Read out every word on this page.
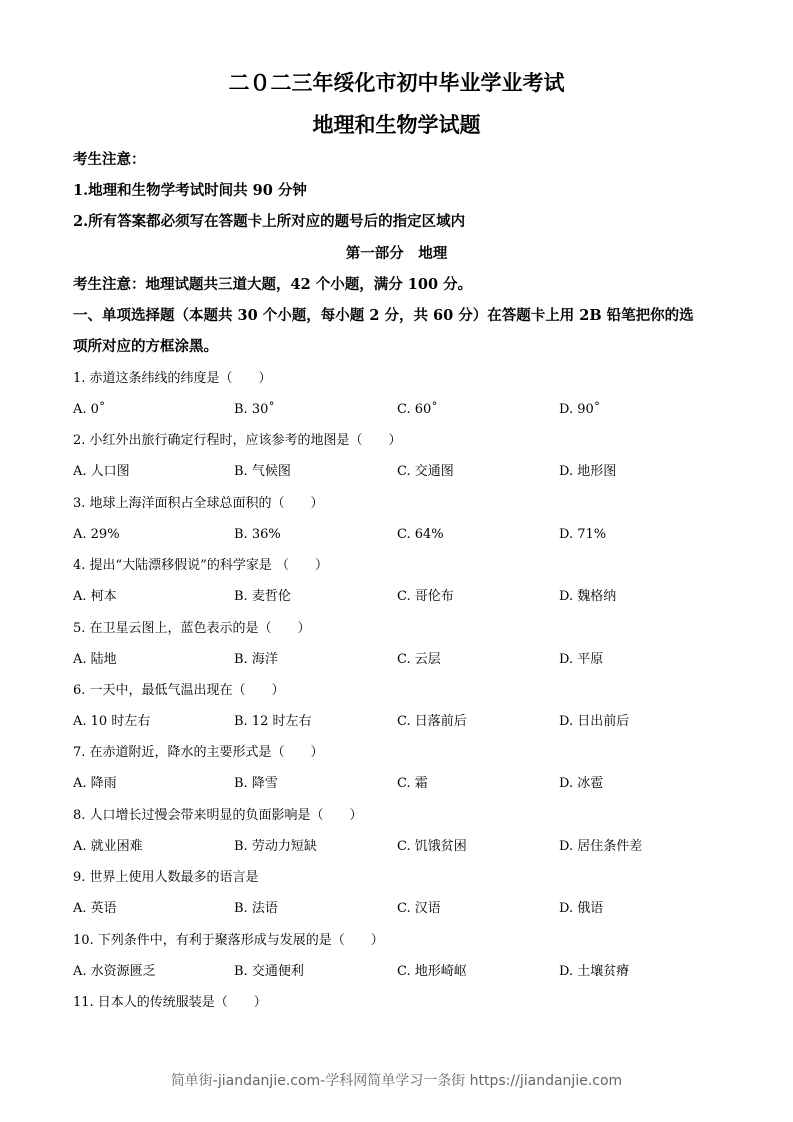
二０二三年绥化市初中毕业学业考试
地理和生物学试题
考生注意：
1.地理和生物学考试时间共 90 分钟
2.所有答案都必须写在答题卡上所对应的题号后的指定区域内
第一部分　地理
考生注意：地理试题共三道大题，42 个小题，满分 100 分。
一、单项选择题（本题共 30 个小题，每小题 2 分，共 60 分）在答题卡上用 2B 铅笔把你的选
项所对应的方框涂黑。
1. 赤道这条纬线的纬度是（　　）
A. 0˚	B. 30˚	C. 60˚	D. 90˚
2. 小红外出旅行确定行程时，应该参考的地图是（　　）
A. 人口图	B. 气候图	C. 交通图	D. 地形图
3. 地球上海洋面积占全球总面积的（　　）
A. 29%	B. 36%	C. 64%	D. 71%
4. 提出“大陆漂移假说”的科学家是 （　　）
A. 柯本	B. 麦哲伦	C. 哥伦布	D. 魏格纳
5. 在卫星云图上，蓝色表示的是（　　）
A. 陆地	B. 海洋	C. 云层	D. 平原
6. 一天中，最低气温出现在（　　）
A. 10 时左右	B. 12 时左右	C. 日落前后	D. 日出前后
7. 在赤道附近，降水的主要形式是（　　）
A. 降雨	B. 降雪	C. 霜	D. 冰雹
8. 人口增长过慢会带来明显的负面影响是（　　）
A. 就业困难	B. 劳动力短缺	C. 饥饿贫困	D. 居住条件差
9. 世界上使用人数最多的语言是
A. 英语	B. 法语	C. 汉语	D. 俄语
10. 下列条件中，有利于聚落形成与发展的是（　　）
A. 水资源匮乏	B. 交通便利	C. 地形崎岖	D. 土壤贫瘠
11. 日本人的传统服装是（　　）
简单街-jiandanjie.com-学科网简单学习一条街 https://jiandanjie.com
